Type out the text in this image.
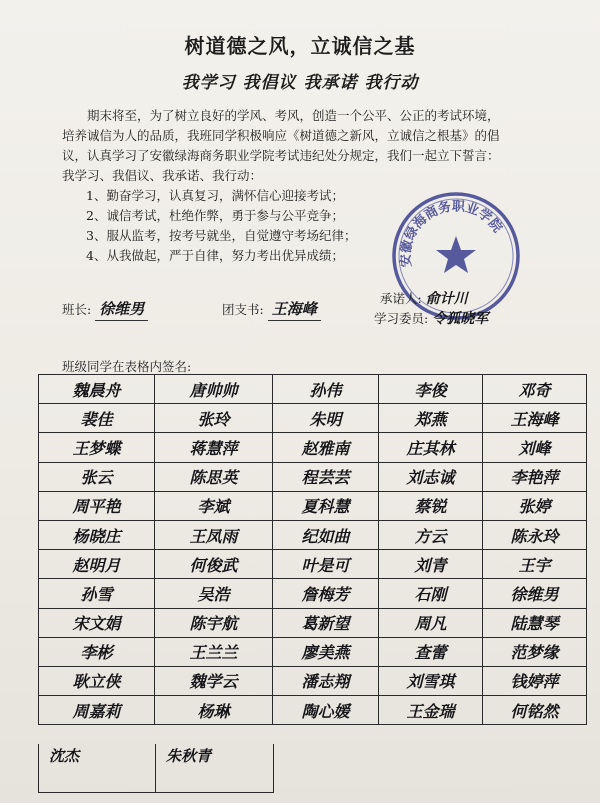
树道德之风，立诚信之基
我学习 我倡议 我承诺 我行动

期末将至，为了树立良好的学风、考风，创造一个公平、公正的考试环境，

培养诚信为人的品质，我班同学积极响应《树道德之新风，立诚信之根基》的倡

议，认真学习了安徽绿海商务职业学院考试违纪处分规定，我们一起立下誓言：

我学习、我倡议、我承诺、我行动：

1、勤奋学习，认真复习，满怀信心迎接考试；
2、诚信考试，杜绝作弊，勇于参与公平竞争；
3、服从监考，按考号就坐，自觉遵守考场纪律；
4、从我做起，严于自律，努力考出优异成绩；	安徽绿海商务职业学院
班长: 徐维男	团支书: 王海峰
承诺人: 俞计川
学习委员: 令狐晓军
班级同学在表格内签名:
魏晨舟	唐帅帅	孙伟	李俊	邓奇
裴佳	张玲	朱明	郑燕	王海峰
王梦蝶	蒋慧萍	赵雅南	庄其林	刘峰
张云	陈思英	程芸芸	刘志诚	李艳萍
周平艳	李斌	夏科慧	蔡锐	张婷
杨晓庄	王凤雨	纪如曲	方云	陈永玲
赵明月	何俊武	叶是可	刘青	王宇
孙雪	吴浩	詹梅芳	石刚	徐维男
宋文娟	陈宇航	葛新望	周凡	陆慧琴
李彬	王兰兰	廖美燕	查蕾	范梦缘
耿立侠	魏学云	潘志翔	刘雪琪	钱婷萍
周嘉莉	杨琳	陶心媛	王金瑞	何铭然
沈杰	朱秋青
